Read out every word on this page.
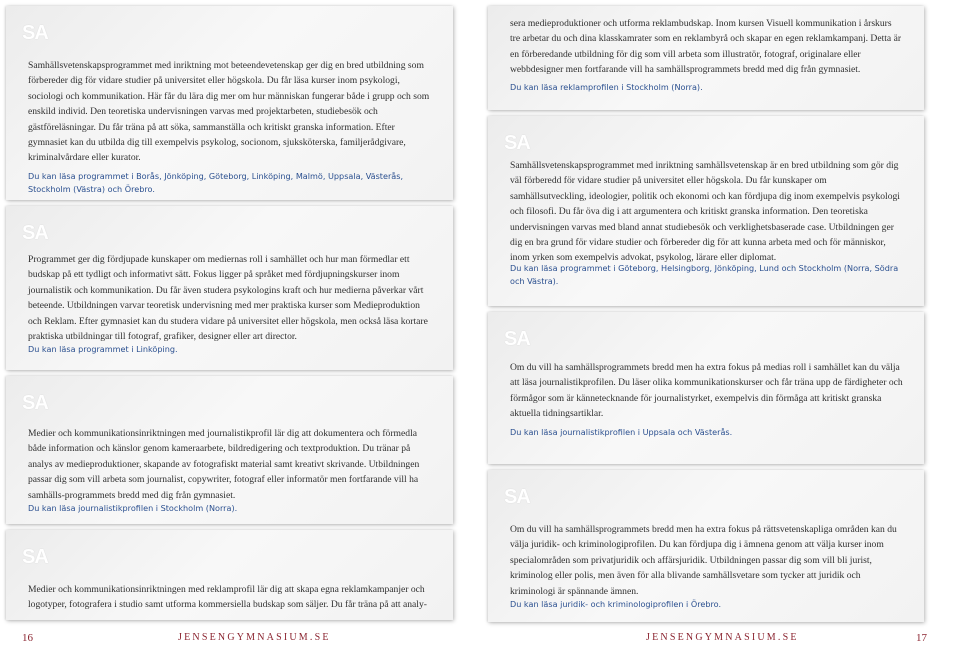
SA
Samhällsvetenskapsprogrammet med inriktning mot beteendevetenskap ger dig en bred utbildning som förbereder dig för vidare studier på universitet eller högskola. Du får läsa kurser inom psykologi, sociologi och kommunikation. Här får du lära dig mer om hur människan fungerar både i grupp och som enskild individ. Den teoretiska undervisningen varvas med projektarbeten, studiebesök och gästföreläsningar. Du får träna på att söka, sammanställa och kritiskt granska information. Efter gymnasiet kan du utbilda dig till exempelvis psykolog, socionom, sjuksköterska, familjerådgivare, kriminalvårdare eller kurator.
Du kan läsa programmet i Borås, Jönköping, Göteborg, Linköping, Malmö, Uppsala, Västerås, Stockholm (Västra) och Örebro.
SA
Programmet ger dig fördjupade kunskaper om mediernas roll i samhället och hur man förmedlar ett budskap på ett tydligt och informativt sätt. Fokus ligger på språket med fördjupningskurser inom journalistik och kommunikation. Du får även studera psykologins kraft och hur medierna påverkar vårt beteende. Utbildningen varvar teoretisk undervisning med mer praktiska kurser som Medieproduktion och Reklam. Efter gymnasiet kan du studera vidare på universitet eller högskola, men också läsa kortare praktiska utbildningar till fotograf, grafiker, designer eller art director.
Du kan läsa programmet i Linköping.
SA
Medier och kommunikationsinriktningen med journalistikprofil lär dig att dokumentera och förmedla både information och känslor genom kameraarbete, bildredigering och textproduktion. Du tränar på analys av medieproduktioner, skapande av fotografiskt material samt kreativt skrivande. Utbildningen passar dig som vill arbeta som journalist, copywriter, fotograf eller informatör men fortfarande vill ha samhälls-programmets bredd med dig från gymnasiet.
Du kan läsa journalistikprofilen i Stockholm (Norra).
SA
Medier och kommunikationsinriktningen med reklamprofil lär dig att skapa egna reklamkampanjer och logotyper, fotografera i studio samt utforma kommersiella budskap som säljer. Du får träna på att analy-
16	JENSENGYMNASIUM.SE
sera medieproduktioner och utforma reklambudskap. Inom kursen Visuell kommunikation i årskurs tre arbetar du och dina klasskamrater som en reklambyrå och skapar en egen reklamkampanj. Detta är en förberedande utbildning för dig som vill arbeta som illustratör, fotograf, originalare eller webbdesigner men fortfarande vill ha samhällsprogrammets bredd med dig från gymnasiet.
Du kan läsa reklamprofilen i Stockholm (Norra).
SA
Samhällsvetenskapsprogrammet med inriktning samhällsvetenskap är en bred utbildning som gör dig väl förberedd för vidare studier på universitet eller högskola. Du får kunskaper om samhällsutveckling, ideologier, politik och ekonomi och kan fördjupa dig inom exempelvis psykologi och filosofi. Du får öva dig i att argumentera och kritiskt granska information. Den teoretiska undervisningen varvas med bland annat studiebesök och verklighetsbaserade case. Utbildningen ger dig en bra grund för vidare studier och förbereder dig för att kunna arbeta med och för människor, inom yrken som exempelvis advokat, psykolog, lärare eller diplomat.
Du kan läsa programmet i Göteborg, Helsingborg, Jönköping, Lund och Stockholm (Norra, Södra och Västra).
SA
Om du vill ha samhällsprogrammets bredd men ha extra fokus på medias roll i samhället kan du välja att läsa journalistikprofilen. Du läser olika kommunikationskurser och får träna upp de färdigheter och förmågor som är kännetecknande för journalistyrket, exempelvis din förmåga att kritiskt granska aktuella tidningsartiklar.
Du kan läsa journalistikprofilen i Uppsala och Västerås.
SA
Om du vill ha samhällsprogrammets bredd men ha extra fokus på rättsvetenskapliga områden kan du välja juridik- och kriminologiprofilen. Du kan fördjupa dig i ämnena genom att välja kurser inom specialområden som privatjuridik och affärsjuridik. Utbildningen passar dig som vill bli jurist, kriminolog eller polis, men även för alla blivande samhällsvetare som tycker att juridik och kriminologi är spännande ämnen.
Du kan läsa juridik- och kriminologiprofilen i Örebro.
JENSENGYMNASIUM.SE	17
